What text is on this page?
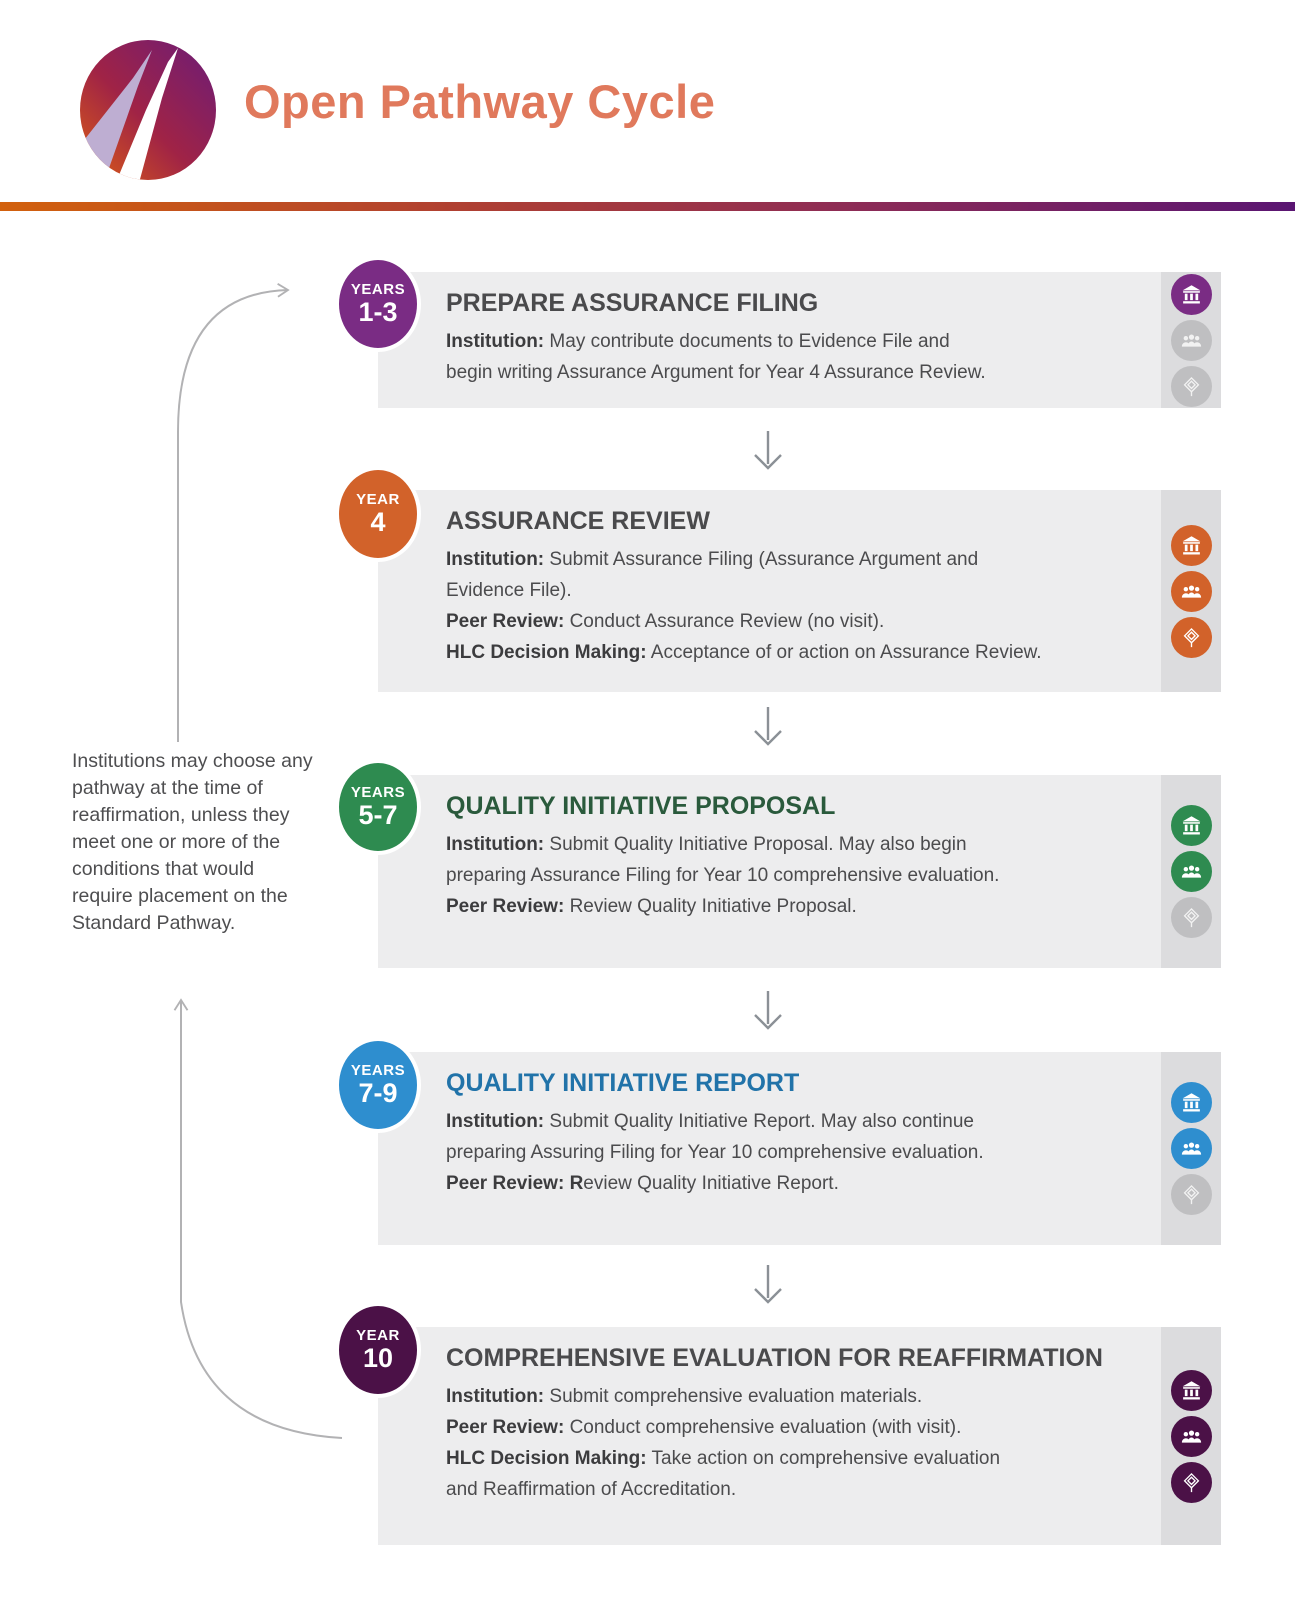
Open Pathway Cycle
Institutions may choose any pathway at the time of reaffirmation, unless they meet one or more of the conditions that would require placement on the Standard Pathway.
YEARS
1-3 PREPARE ASSURANCE FILING

Institution: May contribute documents to Evidence File and

begin writing Assurance Argument for Year 4 Assurance Review.

YEAR
4 ASSURANCE REVIEW

Institution: Submit Assurance Filing (Assurance Argument and

Evidence File).

Peer Review: Conduct Assurance Review (no visit).

HLC Decision Making: Acceptance of or action on Assurance Review.

YEARS
5-7 QUALITY INITIATIVE PROPOSAL

Institution: Submit Quality Initiative Proposal. May also begin

preparing Assurance Filing for Year 10 comprehensive evaluation.

Peer Review: Review Quality Initiative Proposal.

YEARS
7-9 QUALITY INITIATIVE REPORT

Institution: Submit Quality Initiative Report. May also continue

preparing Assuring Filing for Year 10 comprehensive evaluation.

Peer Review: Review Quality Initiative Report.

YEAR
10 COMPREHENSIVE EVALUATION FOR REAFFIRMATION

Institution: Submit comprehensive evaluation materials.

Peer Review: Conduct comprehensive evaluation (with visit).

HLC Decision Making: Take action on comprehensive evaluation

and Reaffirmation of Accreditation.
